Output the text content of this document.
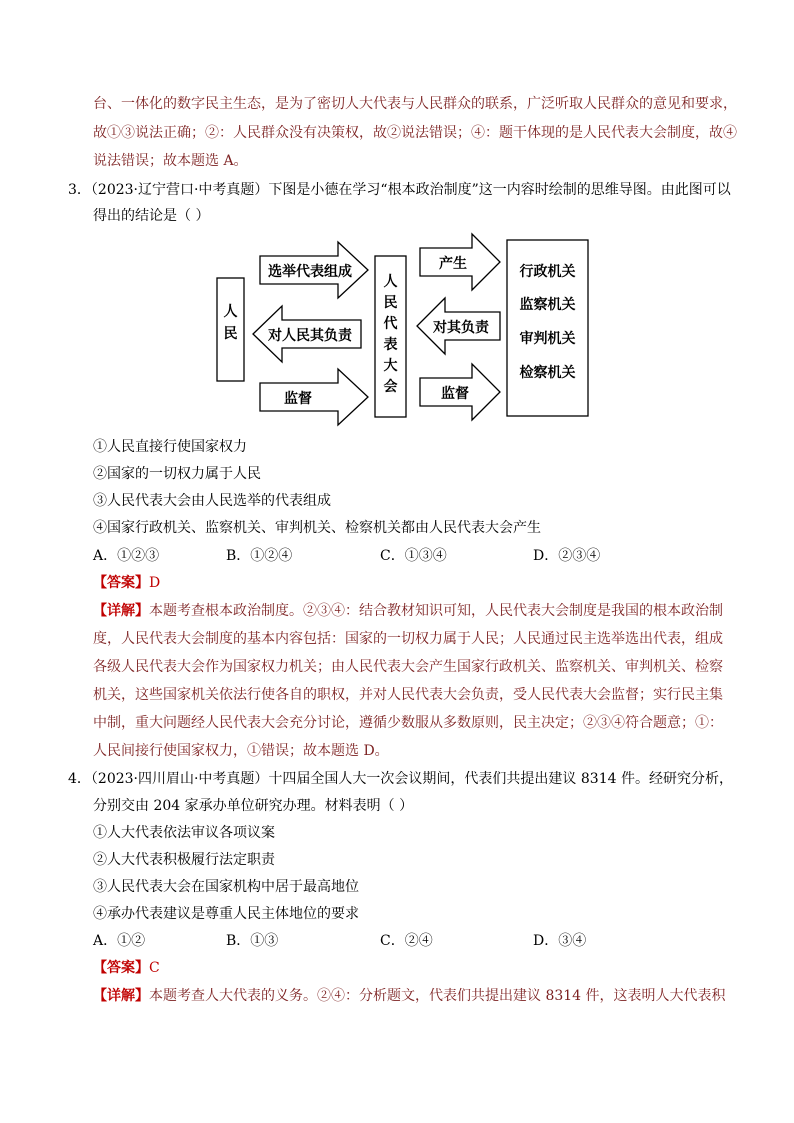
台、一体化的数字民主生态，是为了密切人大代表与人民群众的联系，广泛听取人民群众的意见和要求，
故①③说法正确；②：人民群众没有决策权，故②说法错误；④：题干体现的是人民代表大会制度，故④
说法错误；故本题选 A。
3．（2023·辽宁营口·中考真题）下图是小德在学习“根本政治制度”这一内容时绘制的思维导图。由此图可以
得出的结论是（ ）
人
民
人
民
代
表
大
会
行政机关
监察机关
审判机关
检察机关
选举代表组成
对人民其负责
监督
产生
对其负责
监督
①人民直接行使国家权力
②国家的一切权力属于人民
③人民代表大会由人民选举的代表组成
④国家行政机关、监察机关、审判机关、检察机关都由人民代表大会产生
A．①②③	B．①②④	C．①③④	D．②③④
【答案】D
【详解】本题考查根本政治制度。②③④：结合教材知识可知，人民代表大会制度是我国的根本政治制
度，人民代表大会制度的基本内容包括：国家的一切权力属于人民；人民通过民主选举选出代表，组成
各级人民代表大会作为国家权力机关；由人民代表大会产生国家行政机关、监察机关、审判机关、检察
机关，这些国家机关依法行使各自的职权，并对人民代表大会负责，受人民代表大会监督；实行民主集
中制，重大问题经人民代表大会充分讨论，遵循少数服从多数原则，民主决定；②③④符合题意；①：
人民间接行使国家权力，①错误；故本题选 D。
4．（2023·四川眉山·中考真题）十四届全国人大一次会议期间，代表们共提出建议 8314 件。经研究分析，
分别交由 204 家承办单位研究办理。材料表明（ ）
①人大代表依法审议各项议案
②人大代表积极履行法定职责
③人民代表大会在国家机构中居于最高地位
④承办代表建议是尊重人民主体地位的要求
A．①②	B．①③	C．②④	D．③④
【答案】C
【详解】本题考查人大代表的义务。②④：分析题文，代表们共提出建议 8314 件，这表明人大代表积
